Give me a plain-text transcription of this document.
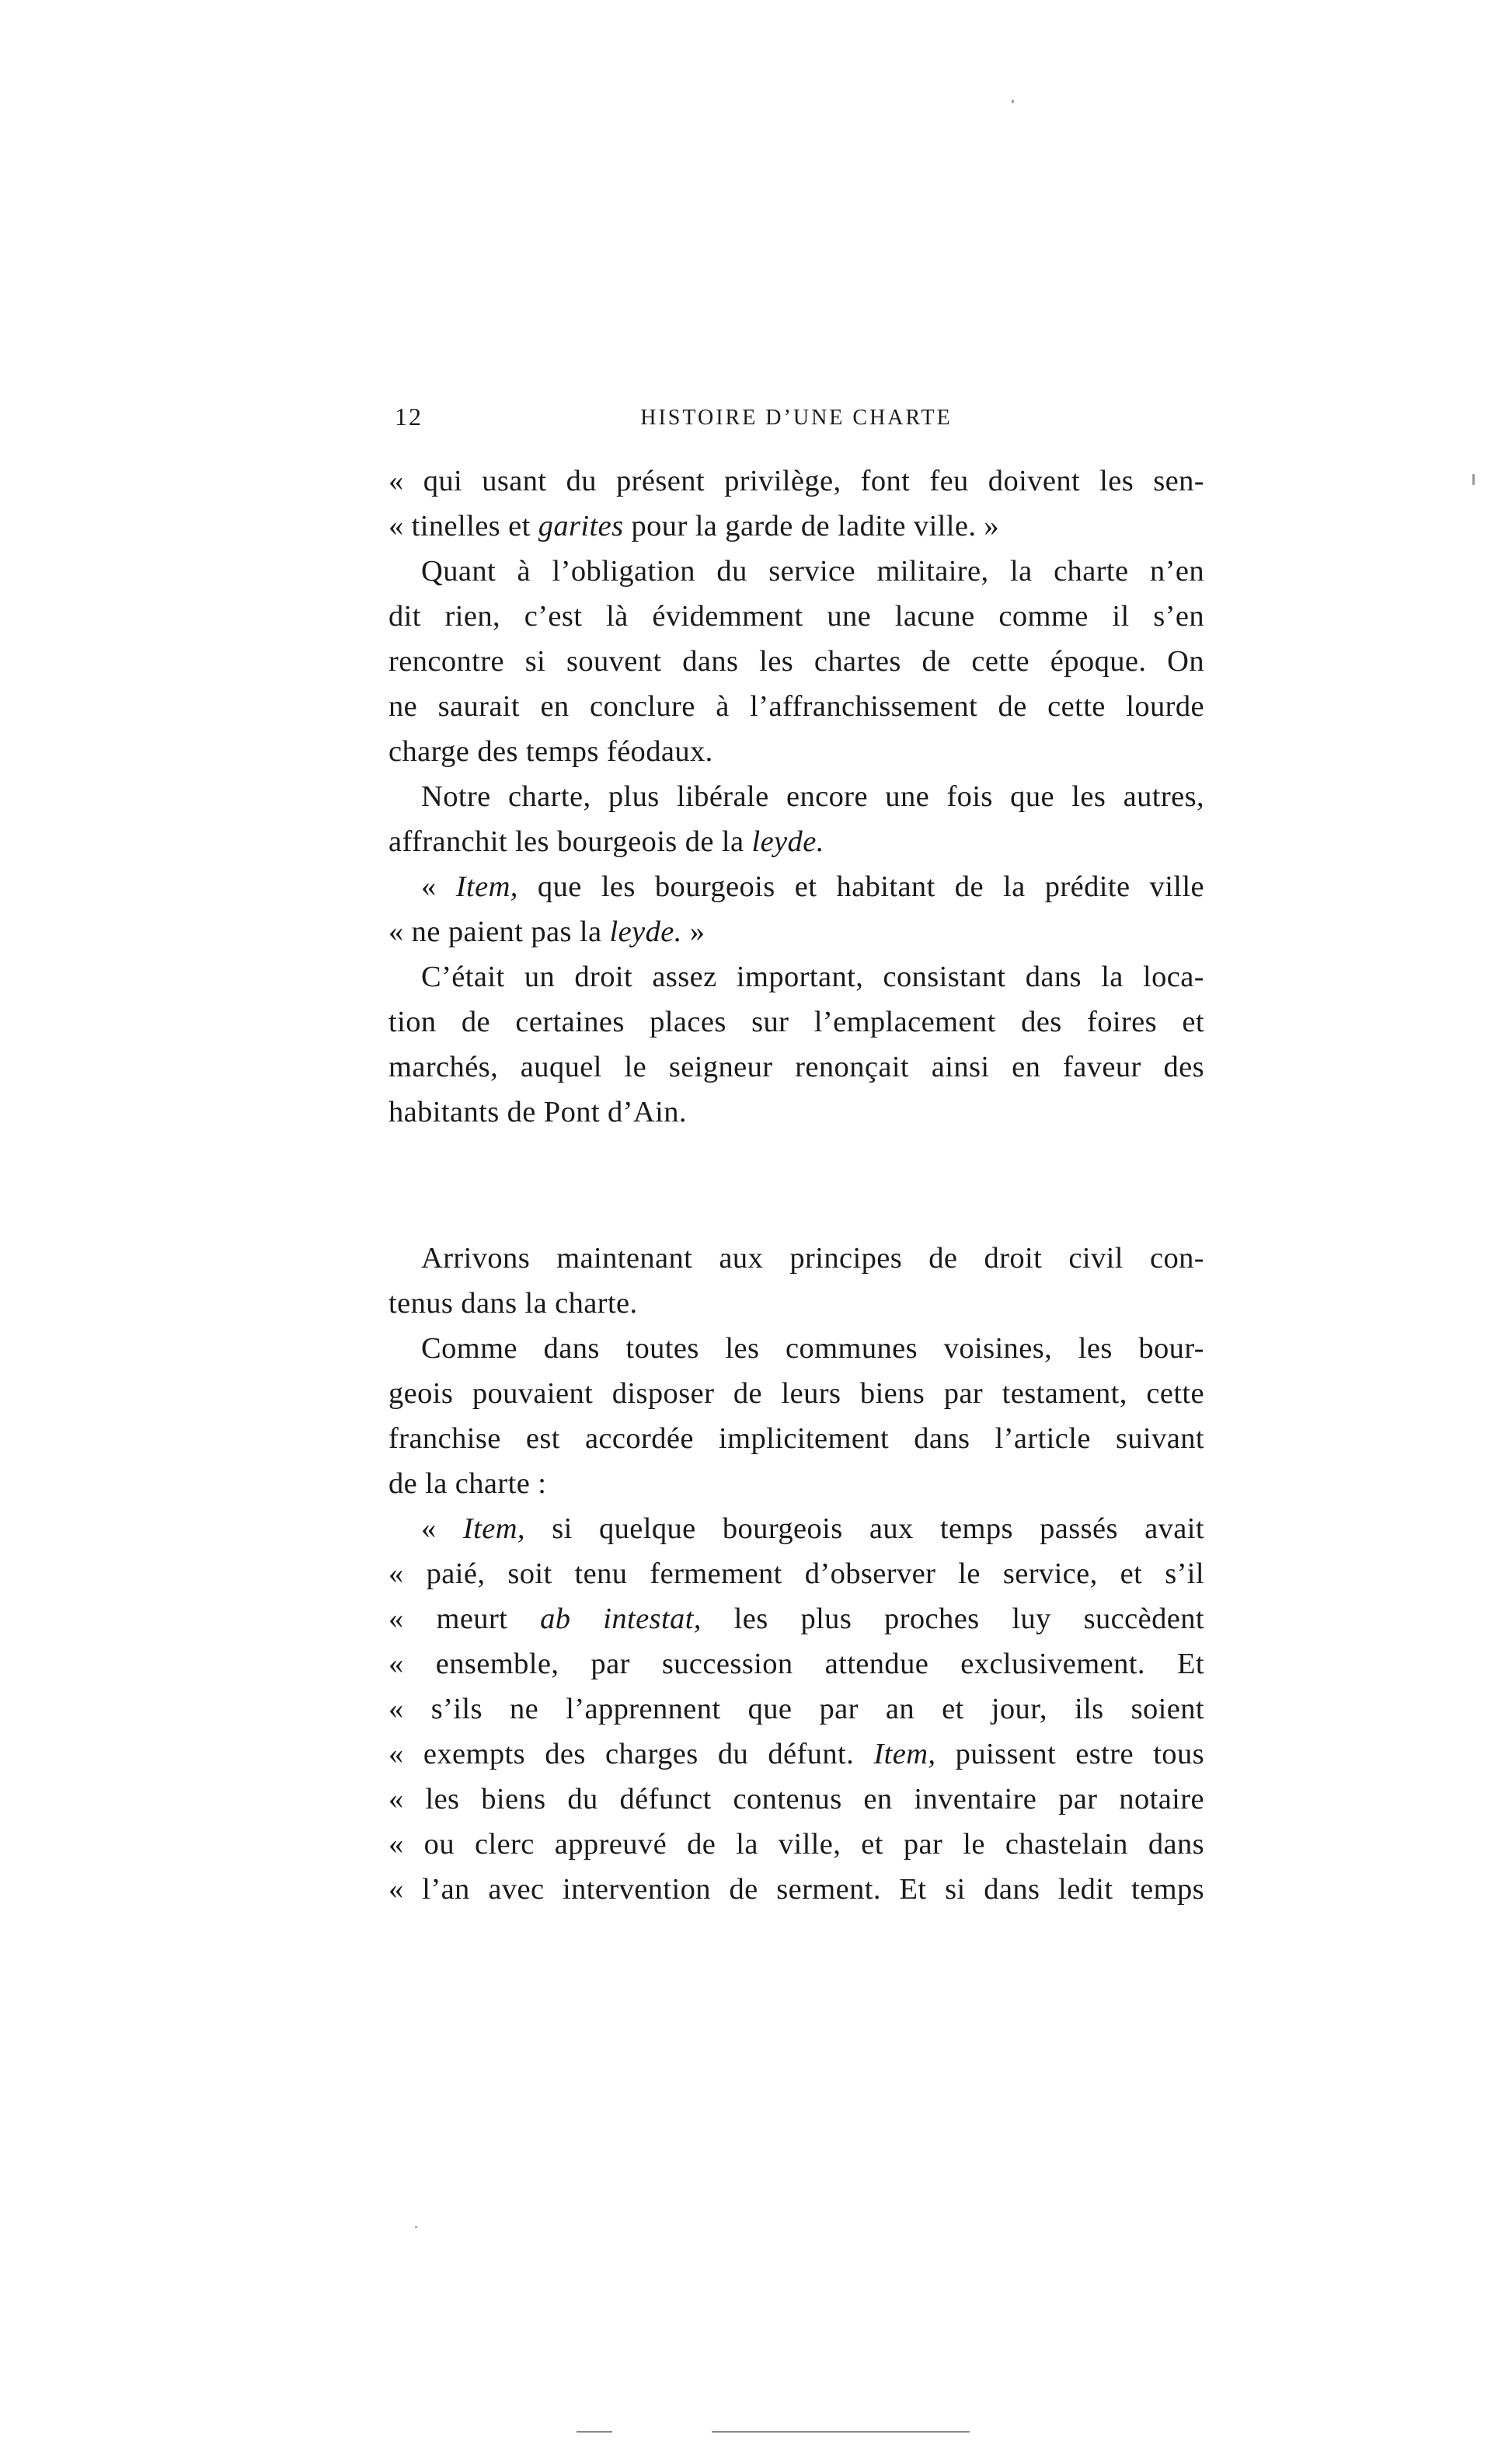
12	HISTOIRE D’UNE CHARTE
« qui usant du présent privilège, font feu doivent les sen-
« tinelles et garites pour la garde de ladite ville. »
Quant à l’obligation du service militaire, la charte n’en
dit rien, c’est là évidemment une lacune comme il s’en
rencontre si souvent dans les chartes de cette époque. On
ne saurait en conclure à l’affranchissement de cette lourde
charge des temps féodaux.
Notre charte, plus libérale encore une fois que les autres,
affranchit les bourgeois de la leyde.
« Item, que les bourgeois et habitant de la prédite ville
« ne paient pas la leyde. »
C’était un droit assez important, consistant dans la loca-
tion de certaines places sur l’emplacement des foires et
marchés, auquel le seigneur renonçait ainsi en faveur des
habitants de Pont d’Ain.
Arrivons maintenant aux principes de droit civil con-
tenus dans la charte.
Comme dans toutes les communes voisines, les bour-
geois pouvaient disposer de leurs biens par testament, cette
franchise est accordée implicitement dans l’article suivant
de la charte :
« Item, si quelque bourgeois aux temps passés avait
« paié, soit tenu fermement d’observer le service, et s’il
« meurt ab intestat, les plus proches luy succèdent
« ensemble, par succession attendue exclusivement. Et
« s’ils ne l’apprennent que par an et jour, ils soient
« exempts des charges du défunt. Item, puissent estre tous
« les biens du défunct contenus en inventaire par notaire
« ou clerc appreuvé de la ville, et par le chastelain dans
« l’an avec intervention de serment. Et si dans ledit temps
